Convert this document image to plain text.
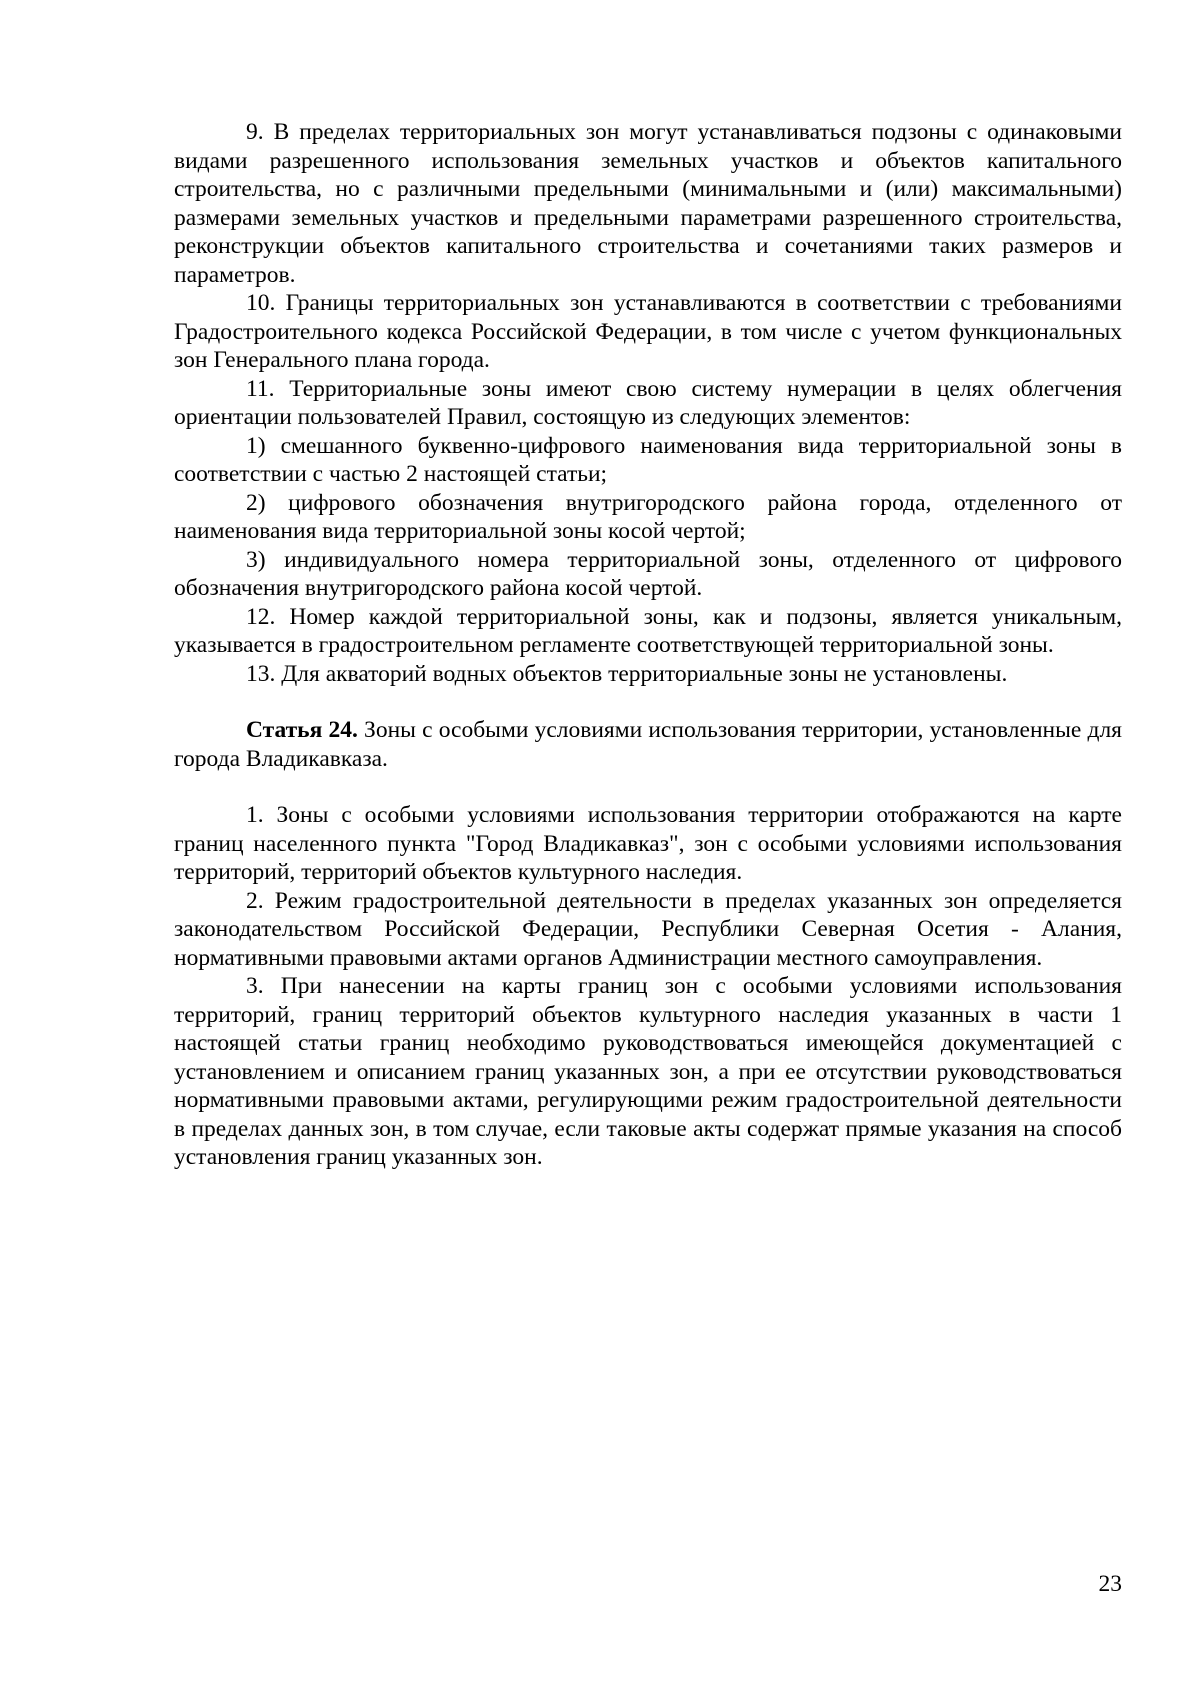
9. В пределах территориальных зон могут устанавливаться подзоны с одинаковыми видами разрешенного использования земельных участков и объектов капитального строительства, но с различными предельными (минимальными и (или) максимальными) размерами земельных участков и предельными параметрами разрешенного строительства, реконструкции объектов капитального строительства и сочетаниями таких размеров и параметров.

10. Границы территориальных зон устанавливаются в соответствии с требованиями Градостроительного кодекса Российской Федерации, в том числе с учетом функциональных зон Генерального плана города.

11. Территориальные зоны имеют свою систему нумерации в целях облегчения ориентации пользователей Правил, состоящую из следующих элементов:

1) смешанного буквенно-цифрового наименования вида территориальной зоны в соответствии с частью 2 настоящей статьи;

2) цифрового обозначения внутригородского района города, отделенного от наименования вида территориальной зоны косой чертой;

3) индивидуального номера территориальной зоны, отделенного от цифрового обозначения внутригородского района косой чертой.

12. Номер каждой территориальной зоны, как и подзоны, является уникальным, указывается в градостроительном регламенте соответствующей территориальной зоны.

13. Для акваторий водных объектов территориальные зоны не установлены.

Статья 24. Зоны с особыми условиями использования территории, установленные для города Владикавказа.

1. Зоны с особыми условиями использования территории отображаются на карте границ населенного пункта "Город Владикавказ", зон с особыми условиями использования территорий, территорий объектов культурного наследия.

2. Режим градостроительной деятельности в пределах указанных зон определяется законодательством Российской Федерации, Республики Северная Осетия - Алания, нормативными правовыми актами органов Администрации местного самоуправления.

3. При нанесении на карты границ зон с особыми условиями использования территорий, границ территорий объектов культурного наследия указанных в части 1 настоящей статьи границ необходимо руководствоваться имеющейся документацией с установлением и описанием границ указанных зон, а при ее отсутствии руководствоваться нормативными правовыми актами, регулирующими режим градостроительной деятельности в пределах данных зон, в том случае, если таковые акты содержат прямые указания на способ установления границ указанных зон.

23
